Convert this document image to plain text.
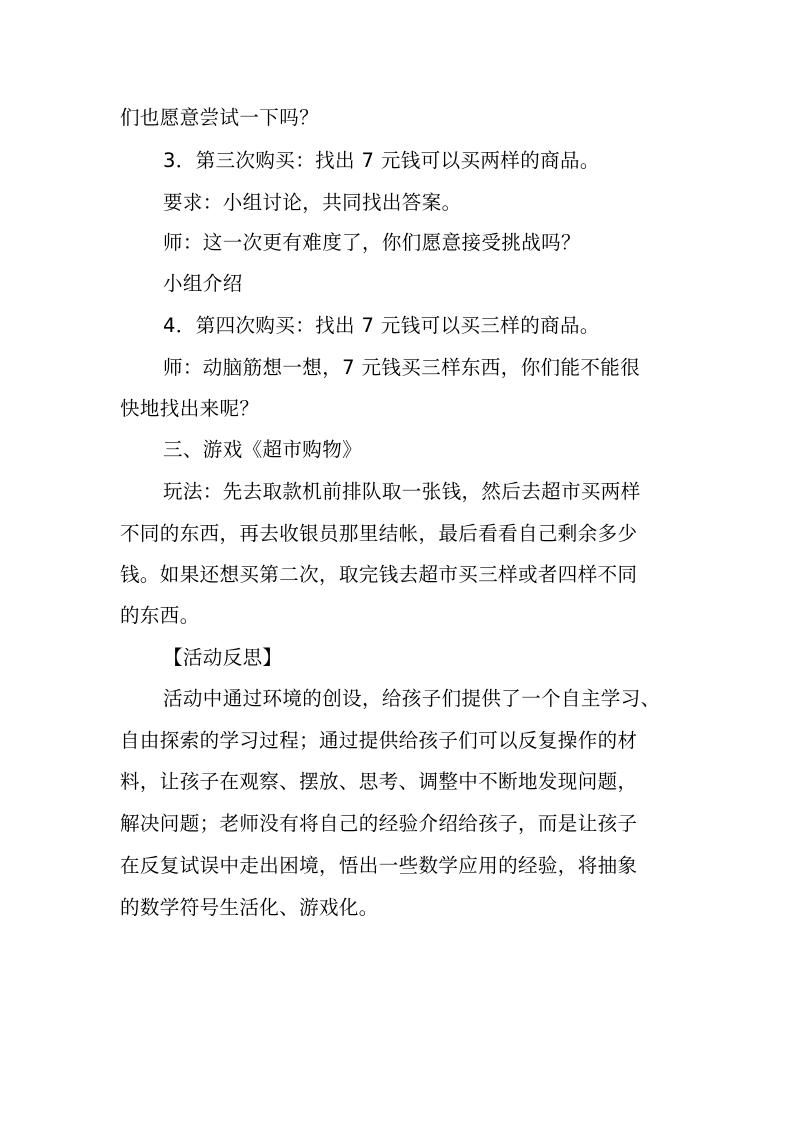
们也愿意尝试一下吗？
3．第三次购买：找出 7 元钱可以买两样的商品。
要求：小组讨论，共同找出答案。
师：这一次更有难度了，你们愿意接受挑战吗？
小组介绍
4．第四次购买：找出 7 元钱可以买三样的商品。
师：动脑筋想一想，7 元钱买三样东西，你们能不能很
快地找出来呢？
三、游戏《超市购物》
玩法：先去取款机前排队取一张钱，然后去超市买两样
不同的东西，再去收银员那里结帐，最后看看自己剩余多少
钱。如果还想买第二次，取完钱去超市买三样或者四样不同
的东西。
【活动反思】
活动中通过环境的创设，给孩子们提供了一个自主学习、
自由探索的学习过程；通过提供给孩子们可以反复操作的材
料，让孩子在观察、摆放、思考、调整中不断地发现问题，
解决问题；老师没有将自己的经验介绍给孩子，而是让孩子
在反复试误中走出困境，悟出一些数学应用的经验，将抽象
的数学符号生活化、游戏化。
